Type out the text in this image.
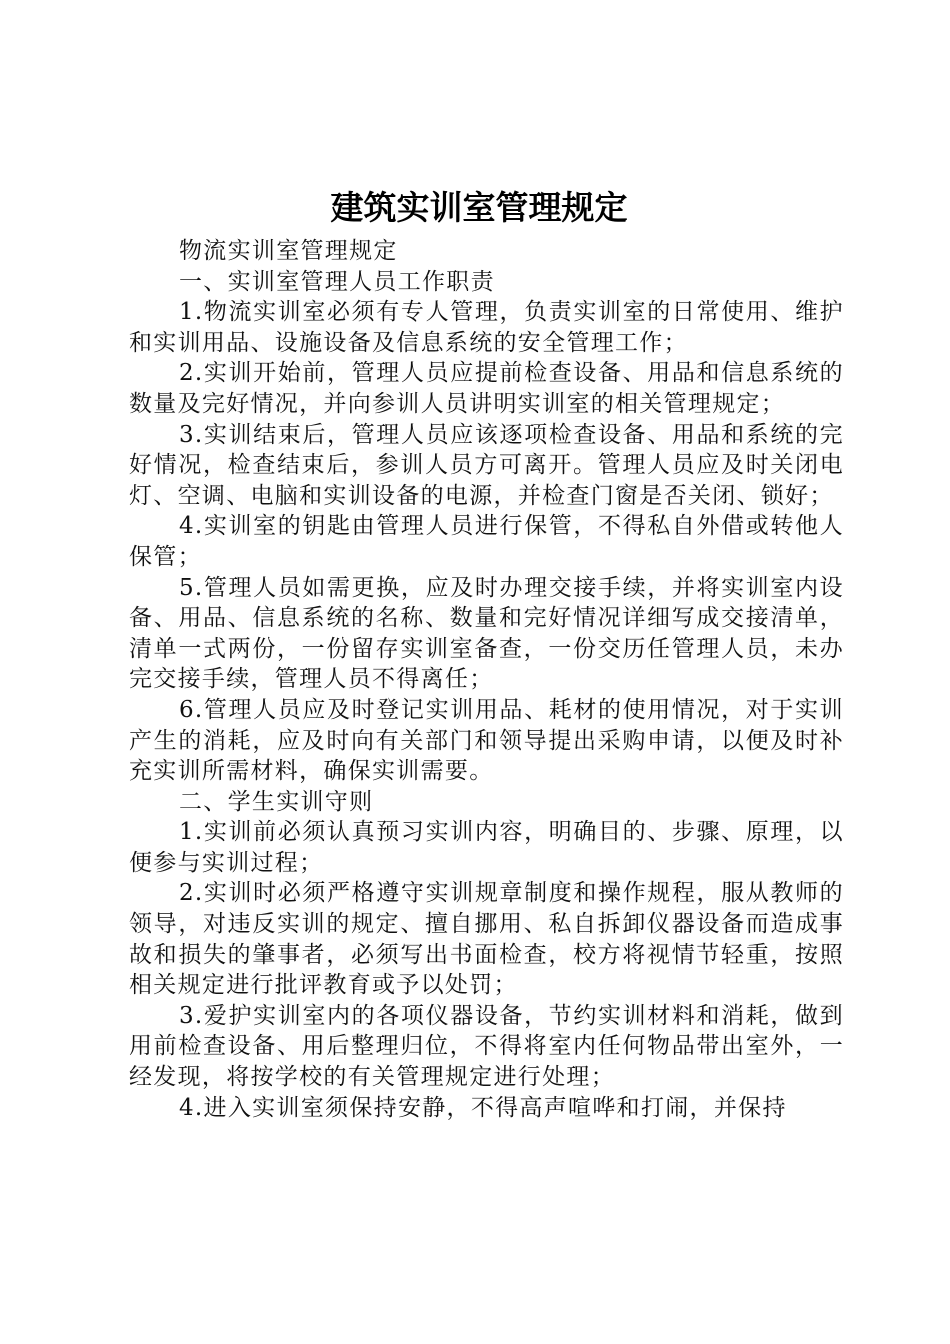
建筑实训室管理规定

物流实训室管理规定

一、实训室管理人员工作职责

1.物流实训室必须有专人管理，负责实训室的日常使用、维护和实训用品、设施设备及信息系统的安全管理工作；

2.实训开始前，管理人员应提前检查设备、用品和信息系统的数量及完好情况，并向参训人员讲明实训室的相关管理规定；

3.实训结束后，管理人员应该逐项检查设备、用品和系统的完好情况，检查结束后，参训人员方可离开。管理人员应及时关闭电灯、空调、电脑和实训设备的电源，并检查门窗是否关闭、锁好；

4.实训室的钥匙由管理人员进行保管，不得私自外借或转他人保管；

5.管理人员如需更换，应及时办理交接手续，并将实训室内设备、用品、信息系统的名称、数量和完好情况详细写成交接清单，清单一式两份，一份留存实训室备查，一份交历任管理人员，未办完交接手续，管理人员不得离任；

6.管理人员应及时登记实训用品、耗材的使用情况，对于实训产生的消耗，应及时向有关部门和领导提出采购申请，以便及时补充实训所需材料，确保实训需要。

二、学生实训守则

1.实训前必须认真预习实训内容，明确目的、步骤、原理，以便参与实训过程；

2.实训时必须严格遵守实训规章制度和操作规程，服从教师的领导，对违反实训的规定、擅自挪用、私自拆卸仪器设备而造成事故和损失的肇事者，必须写出书面检查，校方将视情节轻重，按照相关规定进行批评教育或予以处罚；

3.爱护实训室内的各项仪器设备，节约实训材料和消耗，做到用前检查设备、用后整理归位，不得将室内任何物品带出室外，一经发现，将按学校的有关管理规定进行处理；

4.进入实训室须保持安静，不得高声喧哗和打闹，并保持
